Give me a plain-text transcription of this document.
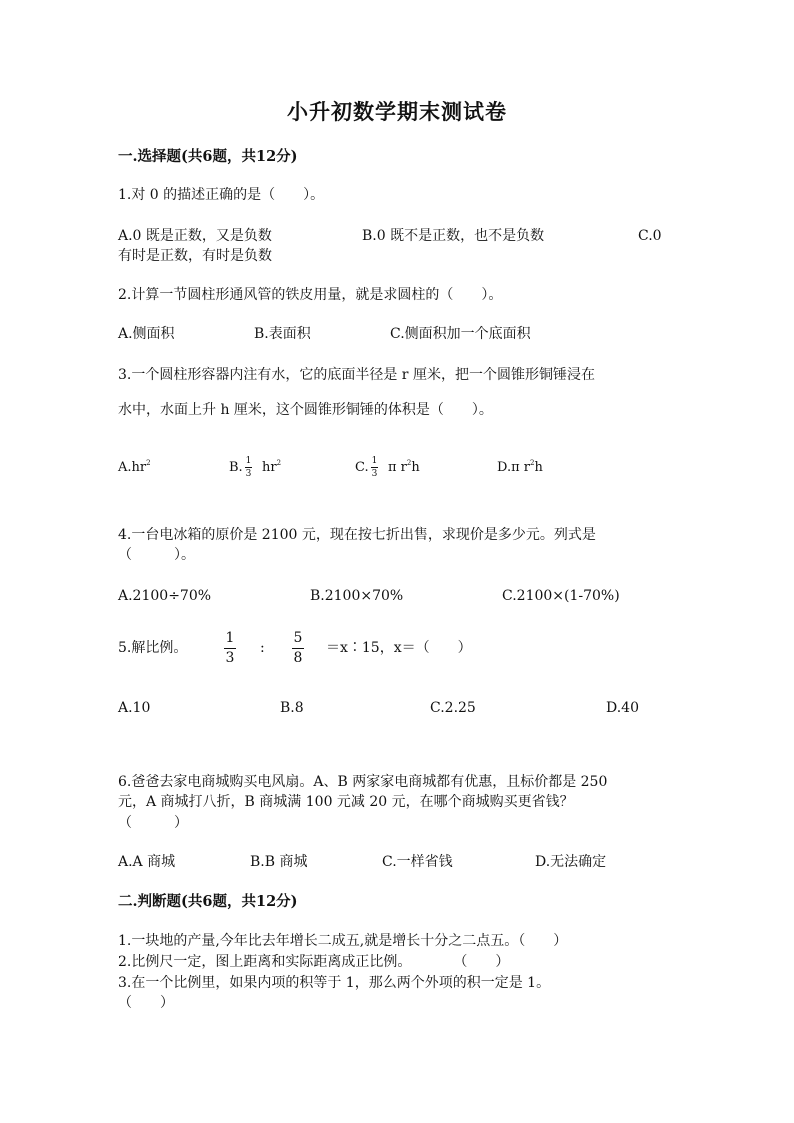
小升初数学期末测试卷
一.选择题(共6题，共12分)
1.对 0 的描述正确的是（　　）。
A.0 既是正数，又是负数	B.0 既不是正数，也不是负数	C.0
有时是正数，有时是负数
2.计算一节圆柱形通风管的铁皮用量，就是求圆柱的（　　）。
A.侧面积	B.表面积	C.侧面积加一个底面积
3.一个圆柱形容器内注有水，它的底面半径是 r 厘米，把一个圆锥形铜锤浸在
水中，水面上升 h 厘米，这个圆锥形铜锤的体积是（　　）。
$A.hr^2$	B. 1
3 $hr^2$	C. 1
3 π $r^2h$	D.π $r^2h$
4.一台电冰箱的原价是 2100 元，现在按七折出售，求现价是多少元。列式是
（　　　）。
A.2100÷70%	B.2100×70%	C.2100×(1-70%)
5.解比例。
1
3
:
5
8
＝x∶15，x＝（　　）
A.10	B.8	C.2.25	D.40
6.爸爸去家电商城购买电风扇。A、B 两家家电商城都有优惠，且标价都是 250
元，A 商城打八折，B 商城满 100 元减 20 元，在哪个商城购买更省钱？
（　　　）
A.A 商城	B.B 商城	C.一样省钱	D.无法确定
二.判断题(共6题，共12分)
1.一块地的产量,今年比去年增长二成五,就是增长十分之二点五。（　　）
2.比例尺一定，图上距离和实际距离成正比例。　　　　（　　）
3.在一个比例里，如果内项的积等于 1，那么两个外项的积一定是 1。
（　　）
